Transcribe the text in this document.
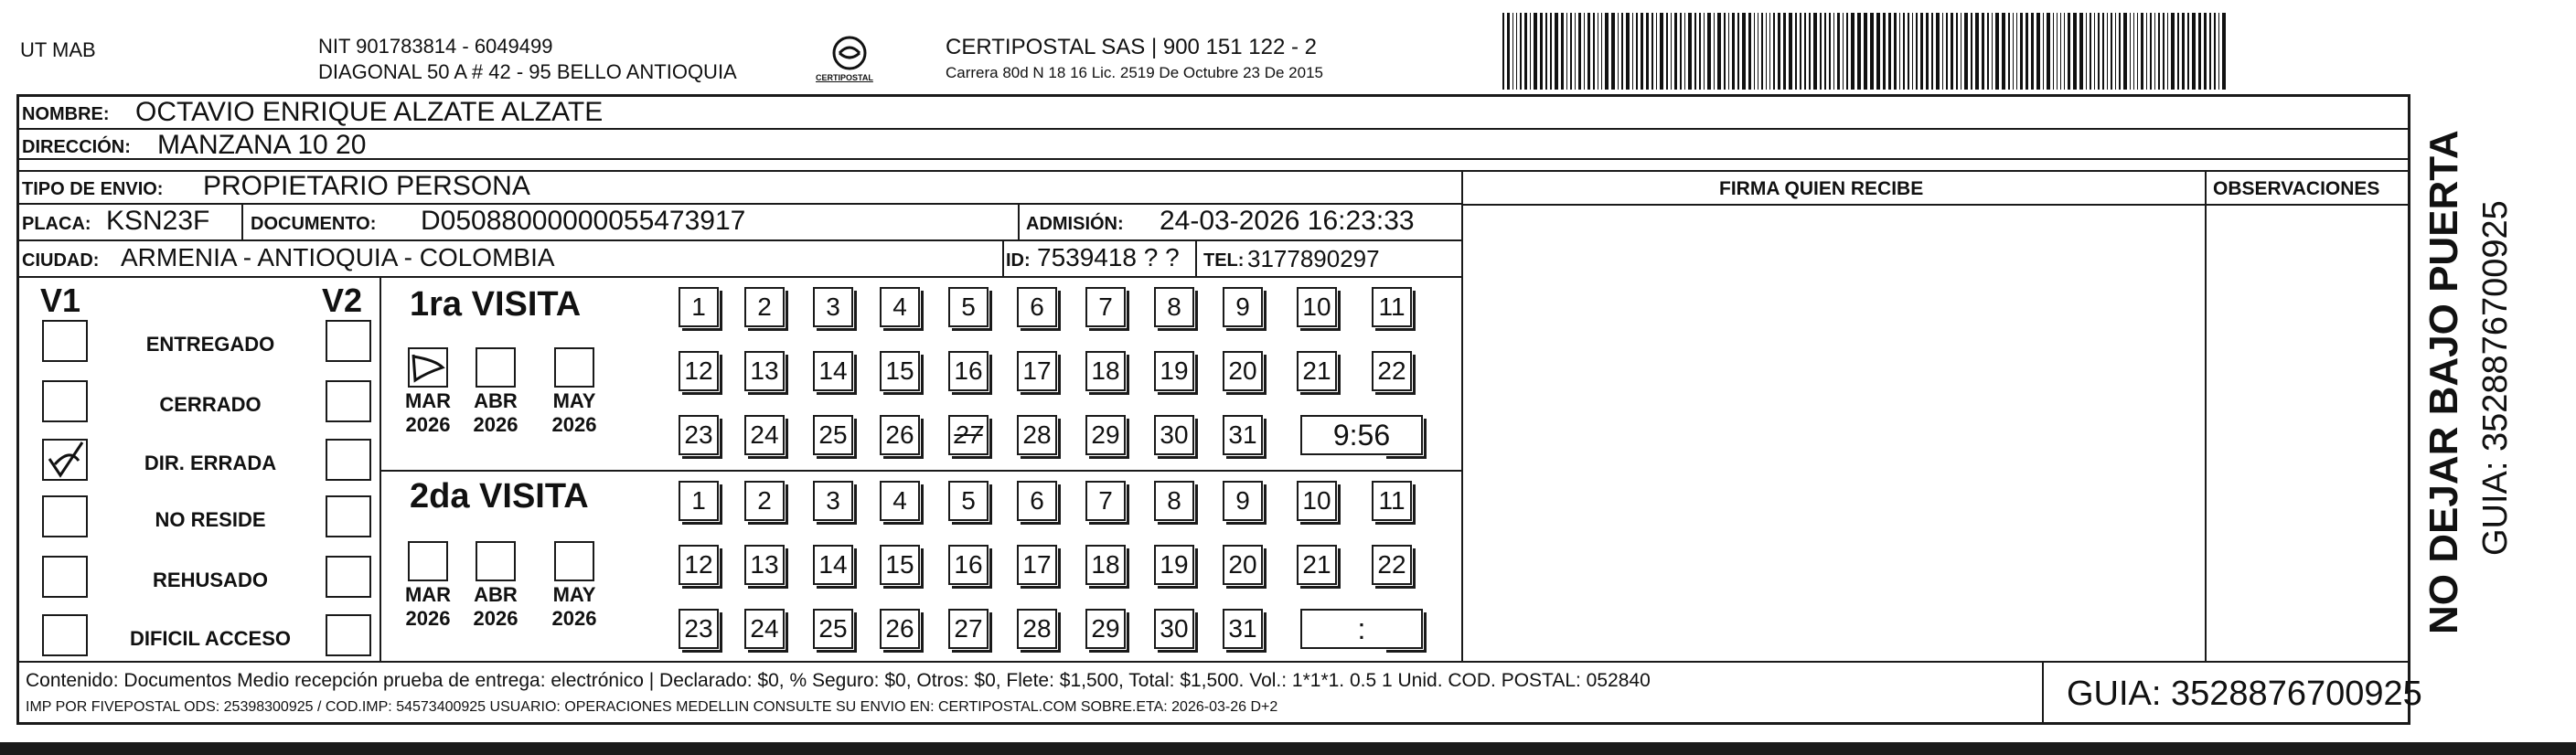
UT MAB	NIT 901783814 - 6049499
DIAGONAL 50 A # 42 - 95 BELLO ANTIOQUIA	CERTIPOSTAL
CERTIPOSTAL SAS | 900 151 122 - 2
Carrera 80d N 18 16 Lic. 2519 De Octubre 23 De 2015
NOMBRE: OCTAVIO ENRIQUE ALZATE ALZATE
DIRECCIÓN: MANZANA 10 20
TIPO DE ENVIO: PROPIETARIO PERSONA
PLACA: KSN23F DOCUMENTO: D05088000000055473917	ADMISIÓN: 24-03-2026 16:23:33
CIUDAD: ARMENIA - ANTIOQUIA - COLOMBIA	ID: 7539418 ? ? TEL: 3177890297
FIRMA QUIEN RECIBE	OBSERVACIONES
V1	V2
ENTREGADO
CERRADO
DIR. ERRADA
NO RESIDE
REHUSADO
DIFICIL ACCESO
1ra VISITA
MAR
2026
ABR
2026
MAY
2026
1	2	3	4	5	6	7	8	9	10 11
12 13 14 15 16 17 18 19 20 21 22
23 24 25 26 27 28 29 30 31	9:56
2da VISITA
MAR
2026
ABR
2026
MAY
2026
1	2	3	4	5	6	7	8	9	10 11
12 13 14 15 16 17 18 19 20 21 22
23 24 25 26 27 28 29 30 31	:	NO DEJAR BAJO PUERTA GUIA: 3528876700925
Contenido: Documentos Medio recepción prueba de entrega: electrónico | Declarado: $0, % Seguro: $0, Otros: $0, Flete: $1,500, Total: $1,500. Vol.: 1*1*1. 0.5 1 Unid. COD. POSTAL: 052840
IMP POR FIVEPOSTAL ODS: 25398300925 / COD.IMP: 54573400925 USUARIO: OPERACIONES MEDELLIN CONSULTE SU ENVIO EN: CERTIPOSTAL.COM SOBRE.ETA: 2026-03-26 D+2	GUIA: 3528876700925
